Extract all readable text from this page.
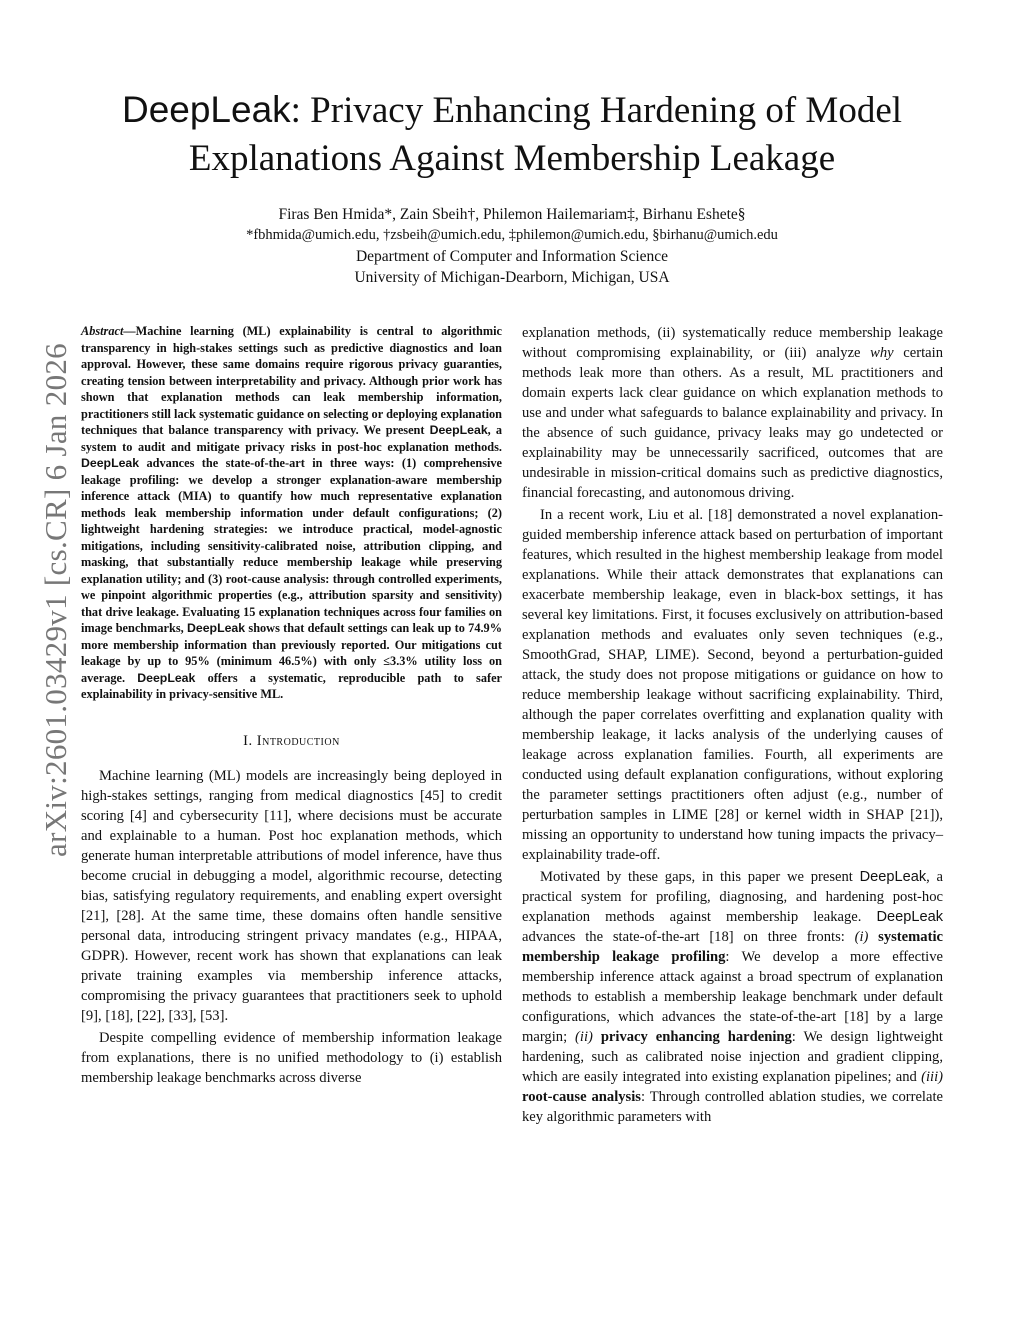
arXiv:2601.03429v1 [cs.CR] 6 Jan 2026
DeepLeak: Privacy Enhancing Hardening of Model
Explanations Against Membership Leakage
Firas Ben Hmida*, Zain Sbeih†, Philemon Hailemariam‡, Birhanu Eshete§
*fbhmida@umich.edu, †zsbeih@umich.edu, ‡philemon@umich.edu, §birhanu@umich.edu
Department of Computer and Information Science
University of Michigan-Dearborn, Michigan, USA

Abstract—Machine learning (ML) explainability is central to algorithmic transparency in high-stakes settings such as predictive diagnostics and loan approval. However, these same domains require rigorous privacy guaranties, creating tension between interpretability and privacy. Although prior work has shown that explanation methods can leak membership information, practitioners still lack systematic guidance on selecting or deploying explanation techniques that balance transparency with privacy. We present DeepLeak, a system to audit and mitigate privacy risks in post-hoc explanation methods. DeepLeak advances the state-of-the-art in three ways: (1) comprehensive leakage profiling: we develop a stronger explanation-aware membership inference attack (MIA) to quantify how much representative explanation methods leak membership information under default configurations; (2) lightweight hardening strategies: we introduce practical, model-agnostic mitigations, including sensitivity-calibrated noise, attribution clipping, and masking, that substantially reduce membership leakage while preserving explanation utility; and (3) root-cause analysis: through controlled experiments, we pinpoint algorithmic properties (e.g., attribution sparsity and sensitivity) that drive leakage. Evaluating 15 explanation techniques across four families on image benchmarks, DeepLeak shows that default settings can leak up to 74.9% more membership information than previously reported. Our mitigations cut leakage by up to 95% (minimum 46.5%) with only ≤3.3% utility loss on average. DeepLeak offers a systematic, reproducible path to safer explainability in privacy-sensitive ML.

I. Introduction

Machine learning (ML) models are increasingly being deployed in high-stakes settings, ranging from medical diagnostics [45] to credit scoring [4] and cybersecurity [11], where decisions must be accurate and explainable to a human. Post hoc explanation methods, which generate human interpretable attributions of model inference, have thus become crucial in debugging a model, algorithmic recourse, detecting bias, satisfying regulatory requirements, and enabling expert oversight [21], [28]. At the same time, these domains often handle sensitive personal data, introducing stringent privacy mandates (e.g., HIPAA, GDPR). However, recent work has shown that explanations can leak private training examples via membership inference attacks, compromising the privacy guarantees that practitioners seek to uphold [9], [18], [22], [33], [53].

Despite compelling evidence of membership information leakage from explanations, there is no unified methodology to (i) establish membership leakage benchmarks across diverse

explanation methods, (ii) systematically reduce membership leakage without compromising explainability, or (iii) analyze why certain methods leak more than others. As a result, ML practitioners and domain experts lack clear guidance on which explanation methods to use and under what safeguards to balance explainability and privacy. In the absence of such guidance, privacy leaks may go undetected or explainability may be unnecessarily sacrificed, outcomes that are undesirable in mission-critical domains such as predictive diagnostics, financial forecasting, and autonomous driving.

In a recent work, Liu et al. [18] demonstrated a novel explanation-guided membership inference attack based on perturbation of important features, which resulted in the highest membership leakage from model explanations. While their attack demonstrates that explanations can exacerbate membership leakage, even in black-box settings, it has several key limitations. First, it focuses exclusively on attribution-based explanation methods and evaluates only seven techniques (e.g., SmoothGrad, SHAP, LIME). Second, beyond a perturbation-guided attack, the study does not propose mitigations or guidance on how to reduce membership leakage without sacrificing explainability. Third, although the paper correlates overfitting and explanation quality with membership leakage, it lacks analysis of the underlying causes of leakage across explanation families. Fourth, all experiments are conducted using default explanation configurations, without exploring the parameter settings practitioners often adjust (e.g., number of perturbation samples in LIME [28] or kernel width in SHAP [21]), missing an opportunity to understand how tuning impacts the privacy–explainability trade-off.

Motivated by these gaps, in this paper we present DeepLeak, a practical system for profiling, diagnosing, and hardening post-hoc explanation methods against membership leakage. DeepLeak advances the state-of-the-art [18] on three fronts: (i) systematic membership leakage profiling: We develop a more effective membership inference attack against a broad spectrum of explanation methods to establish a membership leakage benchmark under default configurations, which advances the state-of-the-art [18] by a large margin; (ii) privacy enhancing hardening: We design lightweight hardening, such as calibrated noise injection and gradient clipping, which are easily integrated into existing explanation pipelines; and (iii) root-cause analysis: Through controlled ablation studies, we correlate key algorithmic parameters with
